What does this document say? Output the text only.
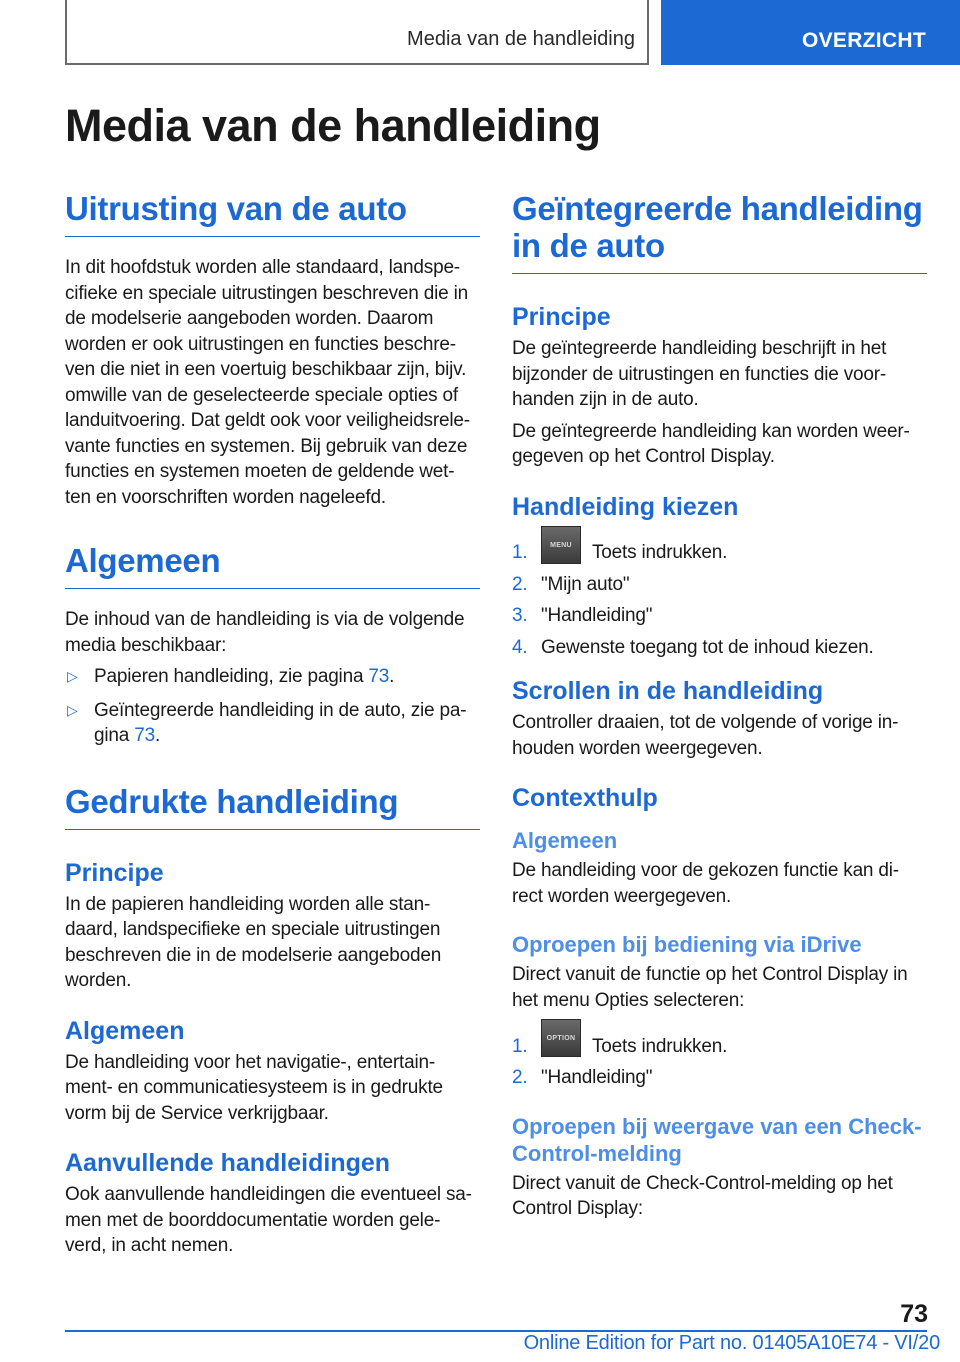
Media van de handleiding	OVERZICHT
Media van de handleiding
Uitrusting van de auto

In dit hoofdstuk worden alle standaard, landspe-cifieke en speciale uitrustingen beschreven die in de modelserie aangeboden worden. Daarom worden er ook uitrustingen en functies beschre-ven die niet in een voertuig beschikbaar zijn, bijv. omwille van de geselecteerde speciale opties of landuitvoering. Dat geldt ook voor veiligheidsrele-vante functies en systemen. Bij gebruik van deze functies en systemen moeten de geldende wet-ten en voorschriften worden nageleefd.

Algemeen

De inhoud van de handleiding is via de volgende media beschikbaar:

▷ Papieren handleiding, zie pagina 73.
▷ Geïntegreerde handleiding in de auto, zie pa-gina 73.
Gedrukte handleiding
Principe

In de papieren handleiding worden alle stan-daard, landspecifieke en speciale uitrustingen beschreven die in de modelserie aangeboden worden.

Algemeen

De handleiding voor het navigatie-, entertain-ment- en communicatiesysteem is in gedrukte vorm bij de Service verkrijgbaar.

Aanvullende handleidingen

Ook aanvullende handleidingen die eventueel sa-men met de boorddocumentatie worden gele-verd, in acht nemen.

Geïntegreerde handleiding in de auto
Principe

De geïntegreerde handleiding beschrijft in het bijzonder de uitrustingen en functies die voor-handen zijn in de auto.

De geïntegreerde handleiding kan worden weer-gegeven op het Control Display.

Handleiding kiezen
1.	MENU	Toets indrukken.
2. "Mijn auto"
3. "Handleiding"
4. Gewenste toegang tot de inhoud kiezen.
Scrollen in de handleiding

Controller draaien, tot de volgende of vorige in-houden worden weergegeven.

Contexthulp
Algemeen

De handleiding voor de gekozen functie kan di-rect worden weergegeven.

Oproepen bij bediening via iDrive

Direct vanuit de functie op het Control Display in het menu Opties selecteren:

1.	OPTION Toets indrukken.
2. "Handleiding"
Oproepen bij weergave van een Check-Control-melding

Direct vanuit de Check-Control-melding op het Control Display:

73
Online Edition for Part no. 01405A10E74 - VI/20
